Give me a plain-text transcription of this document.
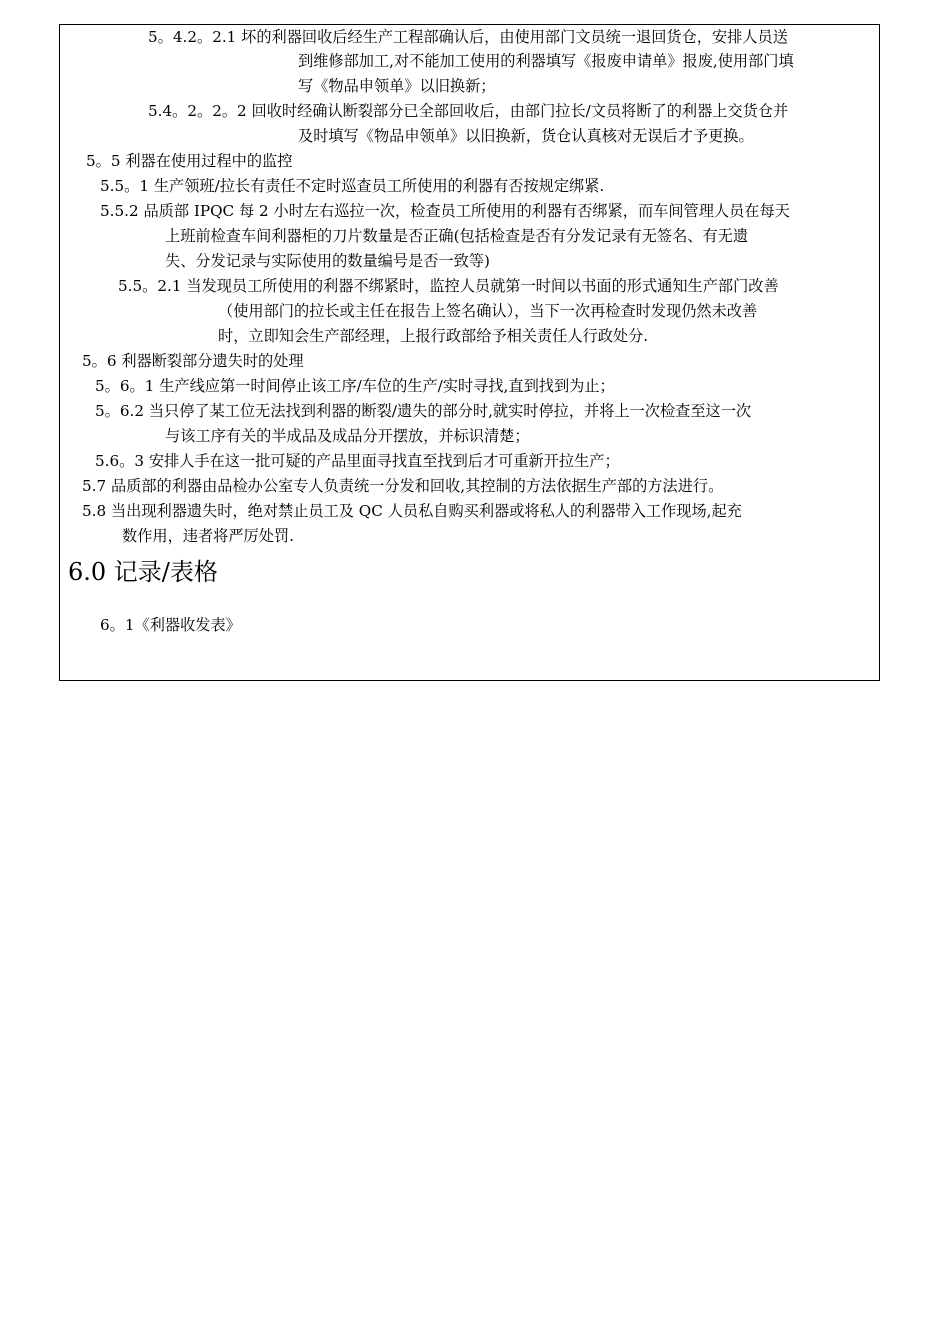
5。4.2。2.1 坏的利器回收后经生产工程部确认后，由使用部门文员统一退回货仓，安排人员送
到维修部加工,对不能加工使用的利器填写《报废申请单》报废,使用部门填
写《物品申领单》以旧换新；
5.4。2。2。2 回收时经确认断裂部分已全部回收后，由部门拉长/文员将断了的利器上交货仓并
及时填写《物品申领单》以旧换新，货仓认真核对无误后才予更换。
5。5 利器在使用过程中的监控
5.5。1 生产领班/拉长有责任不定时巡查员工所使用的利器有否按规定绑紧.
5.5.2 品质部 IPQC 每 2 小时左右巡拉一次，检查员工所使用的利器有否绑紧，而车间管理人员在每天
上班前检查车间利器柜的刀片数量是否正确(包括检查是否有分发记录有无签名、有无遗
失、分发记录与实际使用的数量编号是否一致等)
5.5。2.1 当发现员工所使用的利器不绑紧时，监控人员就第一时间以书面的形式通知生产部门改善
（使用部门的拉长或主任在报告上签名确认），当下一次再检查时发现仍然未改善
时，立即知会生产部经理，上报行政部给予相关责任人行政处分.
5。6 利器断裂部分遗失时的处理
5。6。1 生产线应第一时间停止该工序/车位的生产/实时寻找,直到找到为止；
5。6.2 当只停了某工位无法找到利器的断裂/遗失的部分时,就实时停拉，并将上一次检查至这一次
与该工序有关的半成品及成品分开摆放，并标识清楚；
5.6。3 安排人手在这一批可疑的产品里面寻找直至找到后才可重新开拉生产；
5.7 品质部的利器由品检办公室专人负责统一分发和回收,其控制的方法依据生产部的方法进行。
5.8 当出现利器遗失时，绝对禁止员工及 QC 人员私自购买利器或将私人的利器带入工作现场,起充
数作用，违者将严厉处罚.
6.0 记录/表格
6。1《利器收发表》
